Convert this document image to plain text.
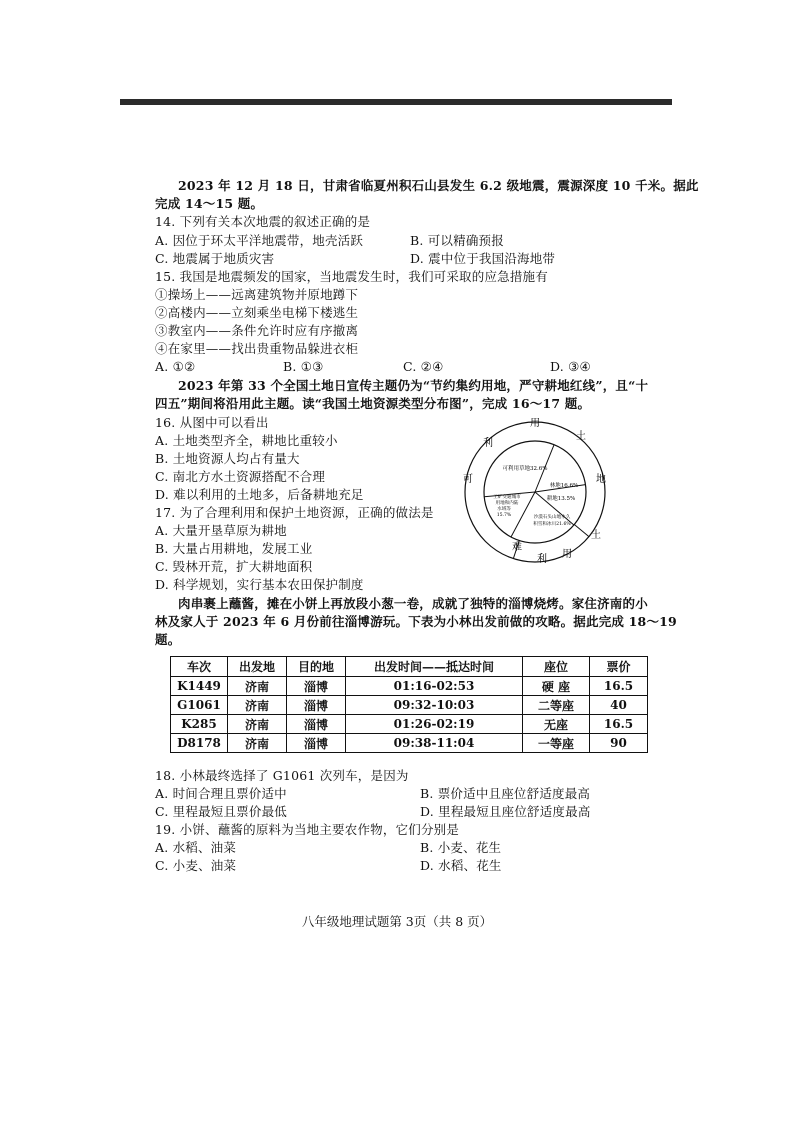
2023 年 12 月 18 日，甘肃省临夏州积石山县发生 6.2 级地震，震源深度 10 千米。据此
完成 14～15 题。
14. 下列有关本次地震的叙述正确的是
A. 因位于环太平洋地震带，地壳活跃	B. 可以精确预报
C. 地震属于地质灾害	D. 震中位于我国沿海地带
15. 我国是地震频发的国家，当地震发生时，我们可采取的应急措施有
①操场上——远离建筑物并原地蹲下
②高楼内——立刻乘坐电梯下楼逃生
③教室内——条件允许时应有序撤离
④在家里——找出贵重物品躲进衣柜
A. ①②	B. ①③	C. ②④	D. ③④
2023 年第 33 个全国土地日宣传主题仍为“节约集约用地，严守耕地红线”，且“十
四五”期间将沿用此主题。读“我国土地资源类型分布图”，完成 16～17 题。
16. 从图中可以看出
A. 土地类型齐全，耕地比重较小
B. 土地资源人均占有量大
C. 南北方水土资源搭配不合理
D. 难以利用的土地多，后备耕地充足
17. 为了合理利用和保护土地资源，正确的做法是
A. 大量开垦草原为耕地
B. 大量占用耕地，发展工业
C. 毁林开荒，扩大耕地面积
D. 科学规划，实行基本农田保护制度
用
土
地
土
用
利
难
可
利
可利用草地32.6%
林地16.6%
耕地13.5%
沙漠石头山地永久
积雪和冰川21.6%
工矿交通城市
用地和内陆
水域等
15.7%
肉串裹上蘸酱，摊在小饼上再放段小葱一卷，成就了独特的淄博烧烤。家住济南的小
林及家人于 2023 年 6 月份前往淄博游玩。下表为小林出发前做的攻略。据此完成 18～19
题。
车次	出发地	目的地	出发时间——抵达时间	座位	票价
K1449	济南	淄博	01:16-02:53	硬 座	16.5
G1061	济南	淄博	09:32-10:03	二等座	40
K285	济南	淄博	01:26-02:19	无座	16.5
D8178	济南	淄博	09:38-11:04	一等座	90
18. 小林最终选择了 G1061 次列车，是因为
A. 时间合理且票价适中	B. 票价适中且座位舒适度最高
C. 里程最短且票价最低	D. 里程最短且座位舒适度最高
19. 小饼、蘸酱的原料为当地主要农作物，它们分别是
A. 水稻、油菜	B. 小麦、花生
C. 小麦、油菜	D. 水稻、花生
八年级地理试题第 3页（共 8 页）
